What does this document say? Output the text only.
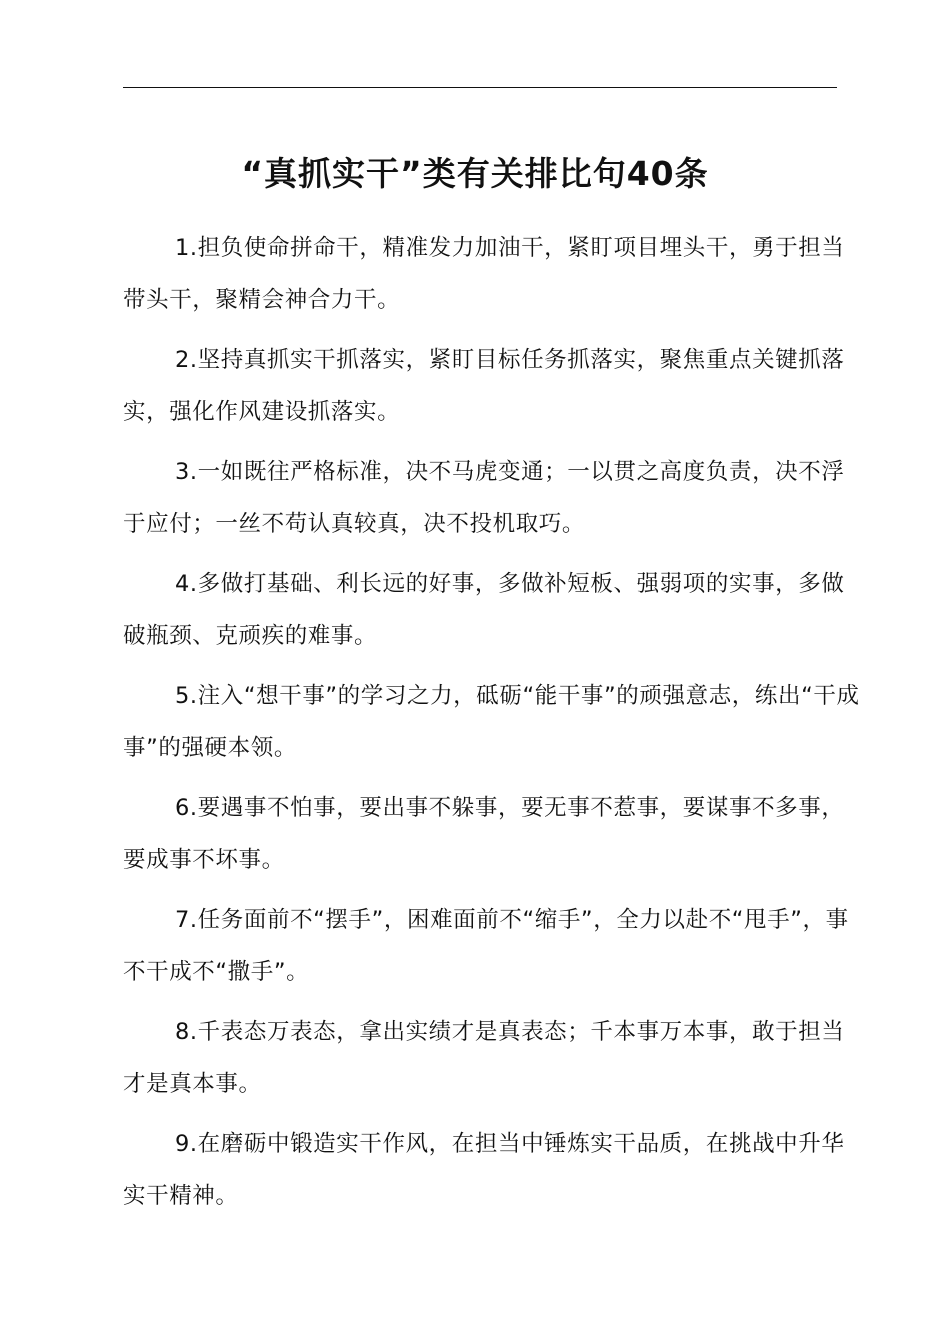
“真抓实干”类有关排比句40条

1.担负使命拼命干，精准发力加油干，紧盯项目埋头干，勇于担当带头干，聚精会神合力干。

2.坚持真抓实干抓落实，紧盯目标任务抓落实，聚焦重点关键抓落实，强化作风建设抓落实。

3.一如既往严格标准，决不马虎变通；一以贯之高度负责，决不浮于应付；一丝不苟认真较真，决不投机取巧。

4.多做打基础、利长远的好事，多做补短板、强弱项的实事，多做破瓶颈、克顽疾的难事。

5.注入“想干事”的学习之力，砥砺“能干事”的顽强意志，练出“干成事”的强硬本领。

6.要遇事不怕事，要出事不躲事，要无事不惹事，要谋事不多事，要成事不坏事。

7.任务面前不“摆手”，困难面前不“缩手”，全力以赴不“甩手”，事不干成不“撒手”。

8.千表态万表态，拿出实绩才是真表态；千本事万本事，敢于担当才是真本事。

9.在磨砺中锻造实干作风，在担当中锤炼实干品质，在挑战中升华实干精神。
